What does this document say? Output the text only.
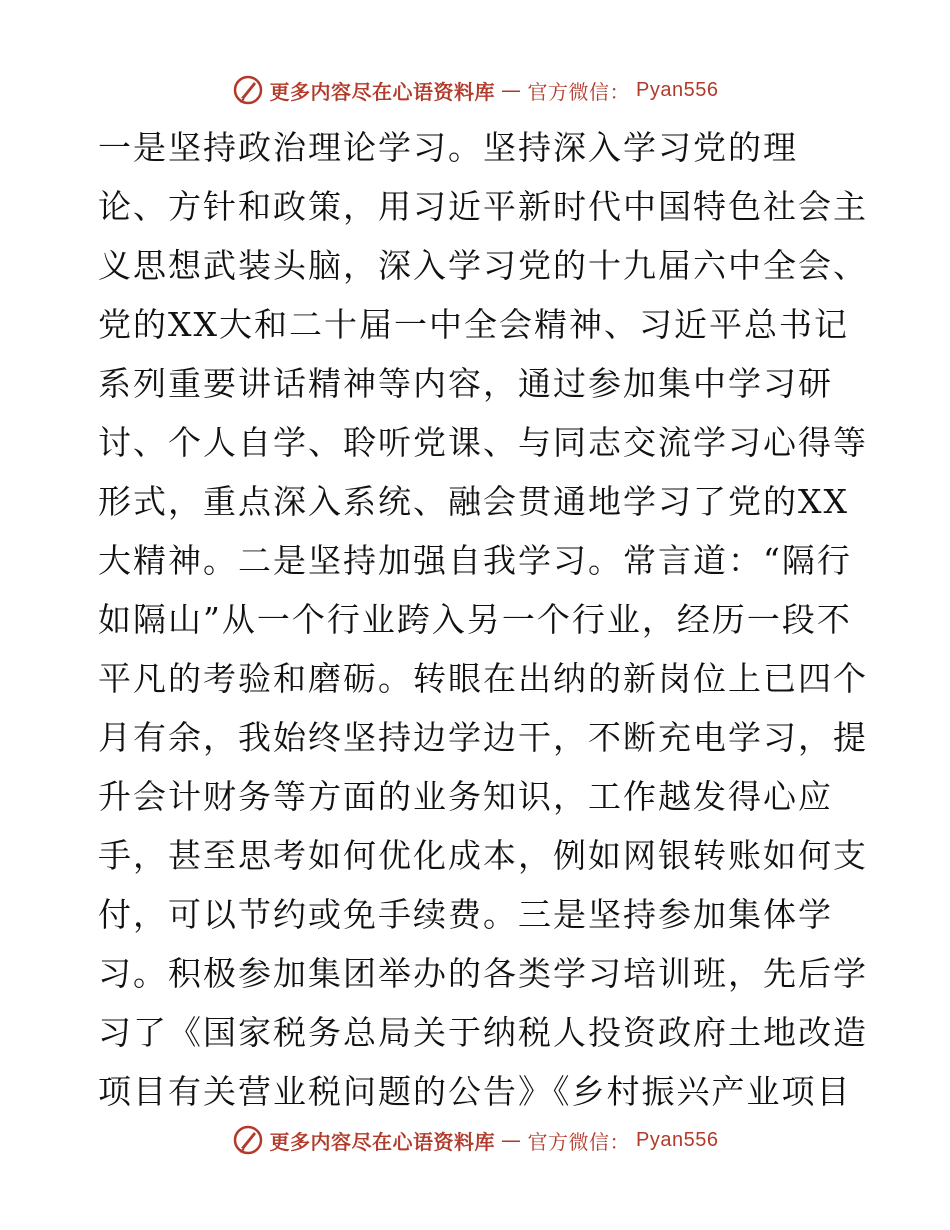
更多内容尽在心语资料库 — 官方微信： Pyan556
一是坚持政治理论学习。坚持深入学习党的理
论、方针和政策，用习近平新时代中国特色社会主
义思想武装头脑，深入学习党的十九届六中全会、
党的XX大和二十届一中全会精神、习近平总书记
系列重要讲话精神等内容，通过参加集中学习研
讨、个人自学、聆听党课、与同志交流学习心得等
形式，重点深入系统、融会贯通地学习了党的XX
大精神。二是坚持加强自我学习。常言道：“隔行
如隔山”从一个行业跨入另一个行业，经历一段不
平凡的考验和磨砺。转眼在出纳的新岗位上已四个
月有余，我始终坚持边学边干，不断充电学习，提
升会计财务等方面的业务知识，工作越发得心应
手，甚至思考如何优化成本，例如网银转账如何支
付，可以节约或免手续费。三是坚持参加集体学
习。积极参加集团举办的各类学习培训班，先后学
习了《国家税务总局关于纳税人投资政府土地改造
项目有关营业税问题的公告》《乡村振兴产业项目
更多内容尽在心语资料库 — 官方微信： Pyan556
